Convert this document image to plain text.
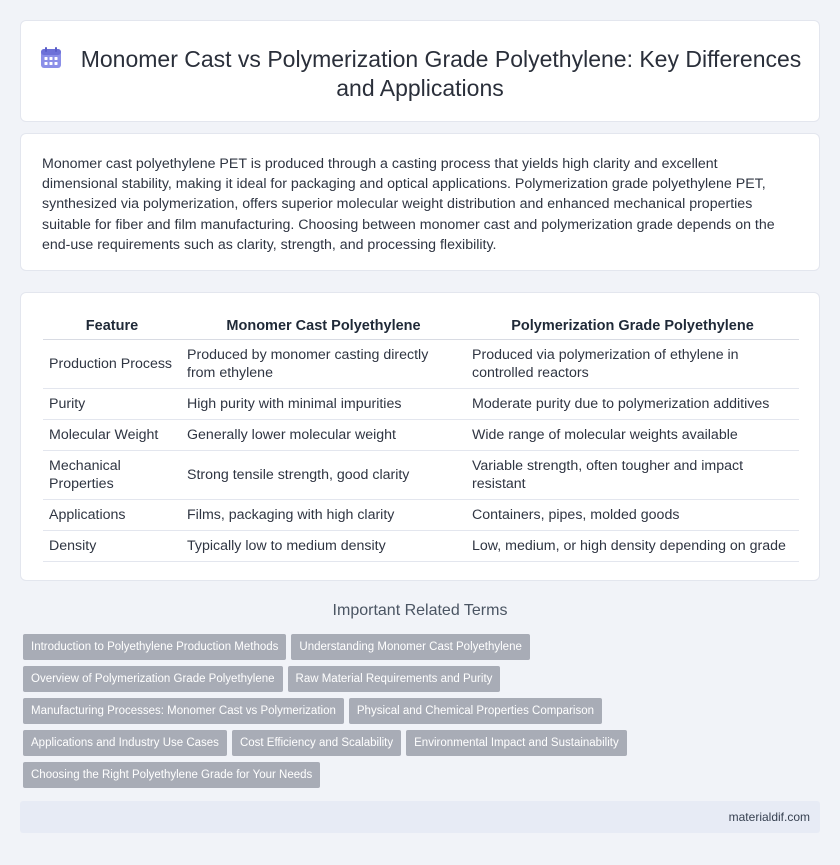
Monomer Cast vs Polymerization Grade Polyethylene: Key Differences and Applications

Monomer cast polyethylene PET is produced through a casting process that yields high clarity and excellent dimensional stability, making it ideal for packaging and optical applications. Polymerization grade polyethylene PET, synthesized via polymerization, offers superior molecular weight distribution and enhanced mechanical properties suitable for fiber and film manufacturing. Choosing between monomer cast and polymerization grade depends on the end-use requirements such as clarity, strength, and processing flexibility.

Feature	Monomer Cast Polyethylene	Polymerization Grade Polyethylene
Production Process	Produced by monomer casting directly from ethylene	Produced via polymerization of ethylene in controlled reactors
Purity	High purity with minimal impurities	Moderate purity due to polymerization additives
Molecular Weight	Generally lower molecular weight	Wide range of molecular weights available
Mechanical Properties	Strong tensile strength, good clarity	Variable strength, often tougher and impact resistant
Applications	Films, packaging with high clarity	Containers, pipes, molded goods
Density	Typically low to medium density	Low, medium, or high density depending on grade
Important Related Terms
Introduction to Polyethylene Production Methods Understanding Monomer Cast Polyethylene
Overview of Polymerization Grade Polyethylene Raw Material Requirements and Purity
Manufacturing Processes: Monomer Cast vs Polymerization Physical and Chemical Properties Comparison
Applications and Industry Use Cases Cost Efficiency and Scalability Environmental Impact and Sustainability
Choosing the Right Polyethylene Grade for Your Needs
materialdif.com
